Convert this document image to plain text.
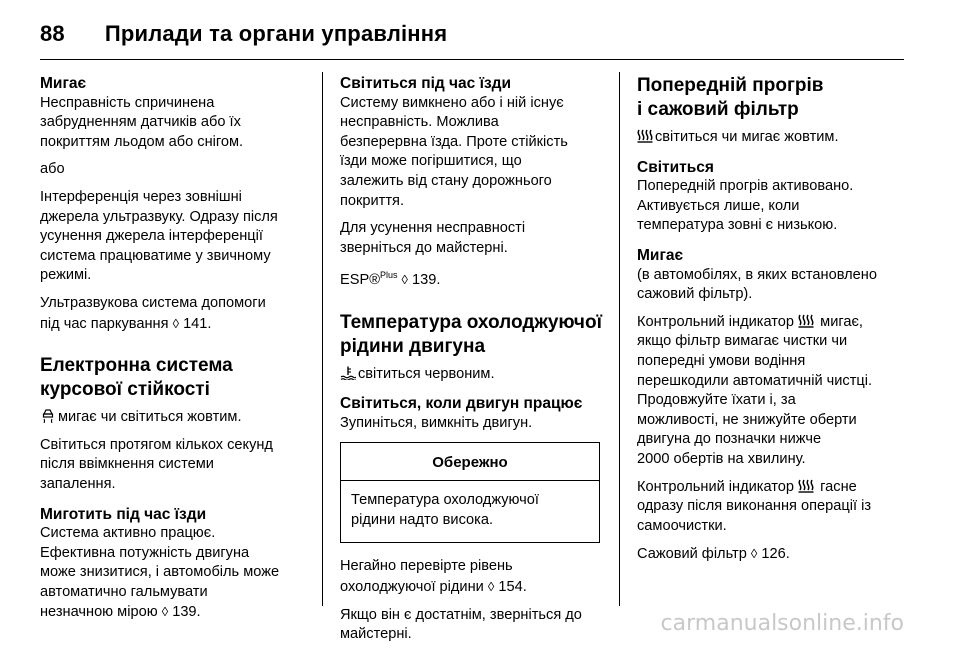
88 Прилади та органи управління
Мигає

Несправність спричинена
забрудненням датчиків або їх
покриттям льодом або снігом.

або

Інтерференція через зовнішні
джерела ультразвуку. Одразу після
усунення джерела інтерференції
система працюватиме у звичному
режимі.

Ультразвукова система допомоги
під час паркування ◊ 141.

Електронна система
курсової стійкості

мигає чи світиться жовтим.

Світиться протягом кількох секунд
після ввімкнення системи
запалення.

Миготить під час їзди

Система активно працює.
Ефективна потужність двигуна
може знизитися, і автомобіль може
автоматично гальмувати
незначною мірою ◊ 139.

Світиться під час їзди

Систему вимкнено або і ній існує
несправність. Можлива
безперервна їзда. Проте стійкість
їзди може погіршитися, що
залежить від стану дорожнього
покриття.

Для усунення несправності
зверніться до майстерні.

ESP®$^{Plus}$ ◊ 139.

Температура охолоджуючої
рідини двигуна

світиться червоним.

Світиться, коли двигун працює

Зупиніться, вимкніть двигун.

Обережно
Температура охолоджуючої
рідини надто висока.

Негайно перевірте рівень
охолоджуючої рідини ◊ 154.

Якщо він є достатнім, зверніться до
майстерні.

Попередній прогрів
і сажовий фільтр

світиться чи мигає жовтим.

Світиться

Попередній прогрів активовано.
Активується лише, коли
температура зовні є низькою.

Мигає

(в автомобілях, в яких встановлено
сажовий фільтр).

Контрольний індикатор мигає,
якщо фільтр вимагає чистки чи
попередні умови водіння
перешкодили автоматичній чистці.
Продовжуйте їхати і, за
можливості, не знижуйте оберти
двигуна до позначки нижче
2000 обертів на хвилину.

Контрольний індикатор гасне
одразу після виконання операції із
самоочистки.

Сажовий фільтр ◊ 126.

carmanualsonline.info
